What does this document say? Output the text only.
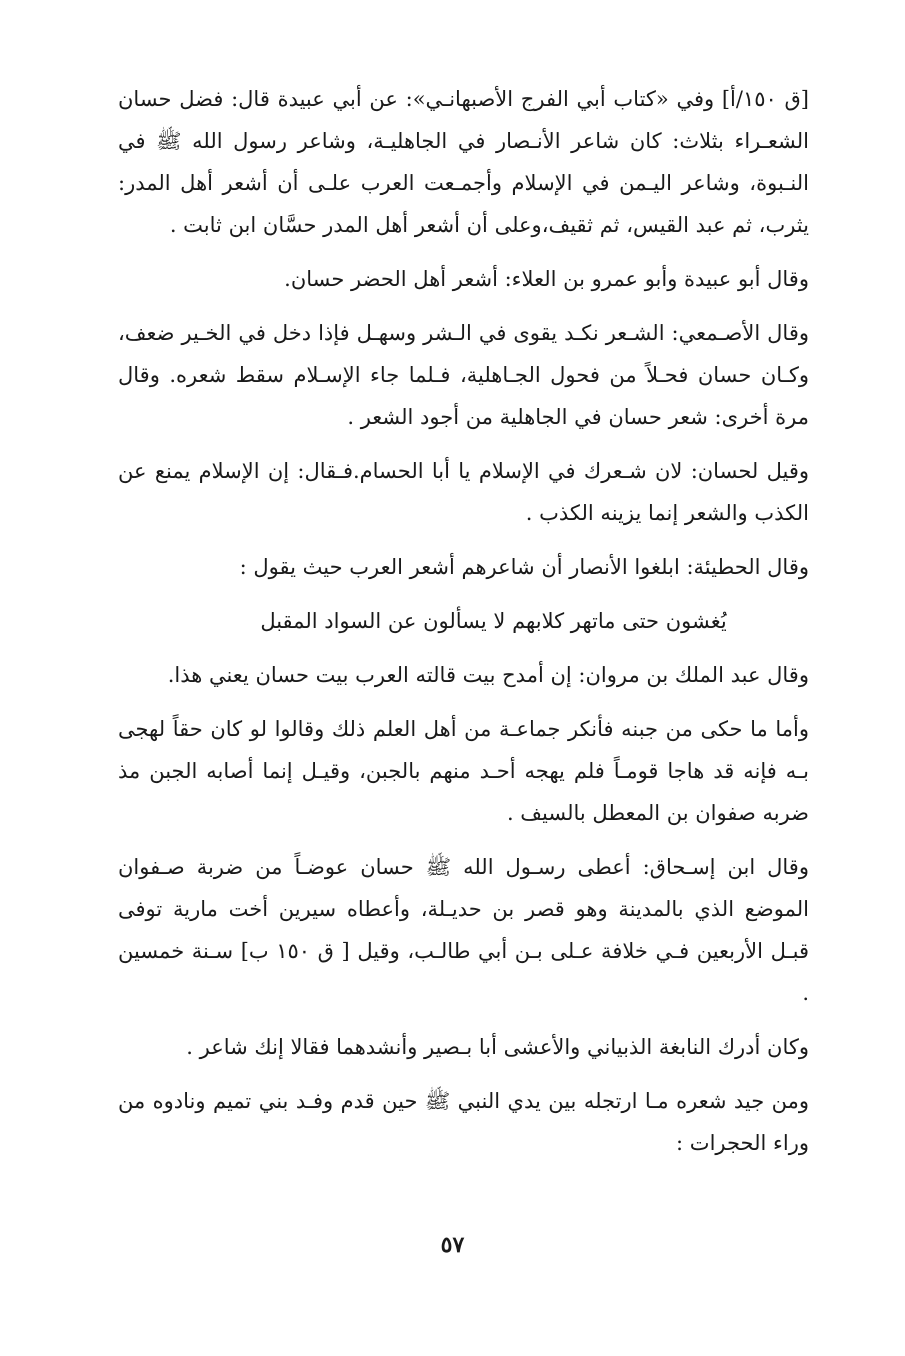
[ق ١٥٠/أ] وفي «كتاب أبي الفرج الأصبهانـي»: عن أبي عبيدة قال: فضل حسان الشعـراء بثلاث: كان شاعر الأنـصار في الجاهليـة، وشاعر رسول الله ﷺ في النـبوة، وشاعر اليـمن في الإسلام وأجمـعت العرب علـى أن أشعر أهل المدر: يثرب، ثم عبد القيس، ثم ثقيف،وعلى أن أشعر أهل المدر حسَّان ابن ثابت .

وقال أبو عبيدة وأبو عمرو بن العلاء: أشعر أهل الحضر حسان.

وقال الأصـمعي: الشـعر نكـد يقوى في الـشر وسهـل فإذا دخل في الخـير ضعف، وكـان حسان فحـلاً من فحول الجـاهلية، فـلما جاء الإسـلام سقط شعره. وقال مرة أخرى: شعر حسان في الجاهلية من أجود الشعر .

وقيل لحسان: لان شـعرك في الإسلام يا أبا الحسام.فـقال: إن الإسلام يمنع عن الكذب والشعر إنما يزينه الكذب .

وقال الحطيئة: ابلغوا الأنصار أن شاعرهم أشعر العرب حيث يقول :

يُغشون حتى ماتهر كلابهم لا يسألون عن السواد المقبل

وقال عبد الملك بن مروان: إن أمدح بيت قالته العرب بيت حسان يعني هذا.

وأما ما حكى من جبنه فأنكر جماعـة من أهل العلم ذلك وقالوا لو كان حقاً لهجى بـه فإنه قد هاجا قومـاً فلم يهجه أحـد منهم بالجبن، وقيـل إنما أصابه الجبن مذ ضربه صفوان بن المعطل بالسيف .

وقال ابن إسـحاق: أعطى رسـول الله ﷺ حسان عوضـاً من ضربة صـفوان الموضع الذي بالمدينة وهو قصر بن حديـلة، وأعطاه سيرين أخت مارية توفى قبـل الأربعين فـي خلافة عـلى بـن أبي طالـب، وقيل [ ق ١٥٠ ب] سـنة خمسين .

وكان أدرك النابغة الذبياني والأعشى أبا بـصير وأنشدهما فقالا إنك شاعر .

ومن جيد شعره مـا ارتجله بين يدي النبي ﷺ حين قدم وفـد بني تميم ونادوه من وراء الحجرات :

٥٧
